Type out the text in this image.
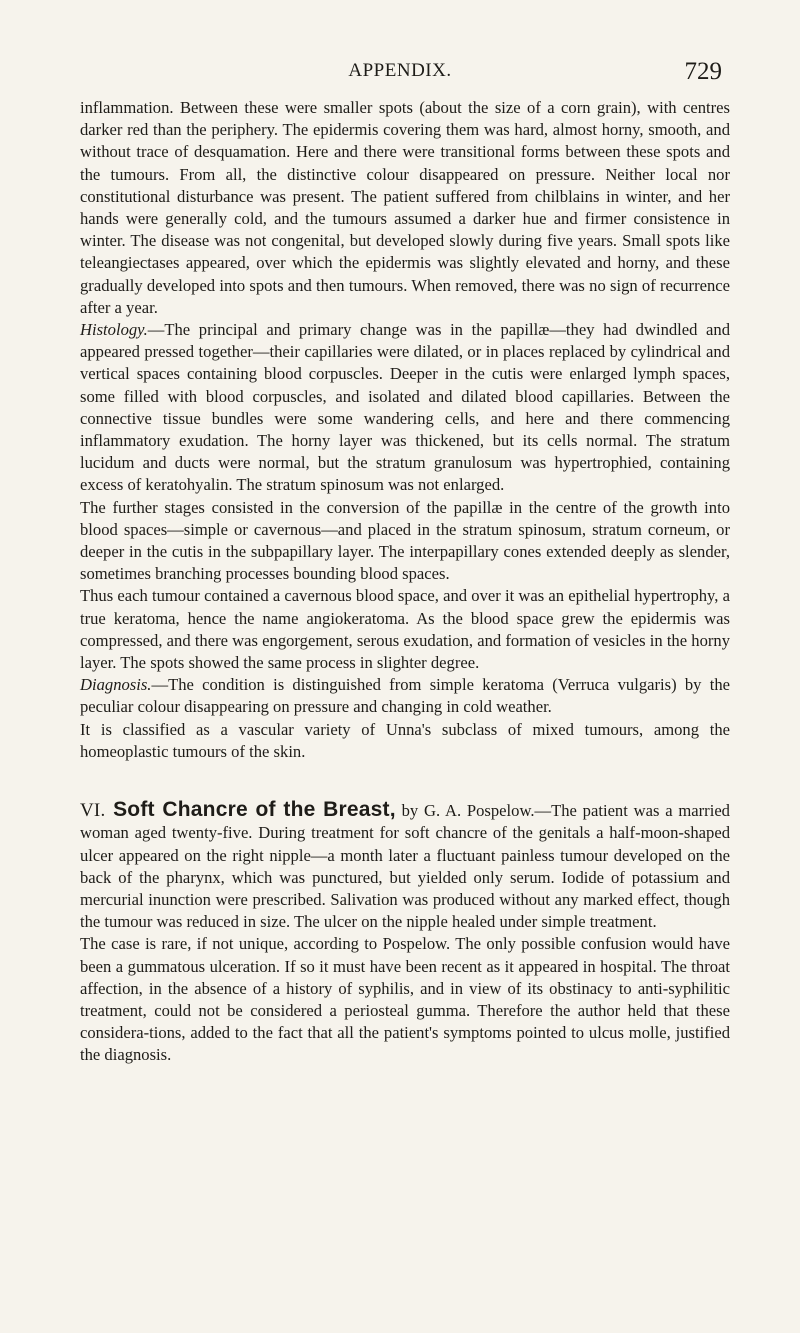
APPENDIX.	729

inflammation. Between these were smaller spots (about the size of a corn grain), with centres darker red than the periphery. The epidermis covering them was hard, almost horny, smooth, and without trace of desquamation. Here and there were transitional forms between these spots and the tumours. From all, the distinctive colour disappeared on pressure. Neither local nor constitutional disturbance was present. The patient suffered from chilblains in winter, and her hands were generally cold, and the tumours assumed a darker hue and firmer consistence in winter. The disease was not congenital, but developed slowly during five years. Small spots like teleangiectases appeared, over which the epidermis was slightly elevated and horny, and these gradually developed into spots and then tumours. When removed, there was no sign of recurrence after a year.

Histology.—The principal and primary change was in the papillæ—they had dwindled and appeared pressed together—their capillaries were dilated, or in places replaced by cylindrical and vertical spaces containing blood corpuscles. Deeper in the cutis were enlarged lymph spaces, some filled with blood corpuscles, and isolated and dilated blood capillaries. Between the connective tissue bundles were some wandering cells, and here and there commencing inflammatory exudation. The horny layer was thickened, but its cells normal. The stratum lucidum and ducts were normal, but the stratum granulosum was hypertrophied, containing excess of keratohyalin. The stratum spinosum was not enlarged.

The further stages consisted in the conversion of the papillæ in the centre of the growth into blood spaces—simple or cavernous—and placed in the stratum spinosum, stratum corneum, or deeper in the cutis in the subpapillary layer. The interpapillary cones extended deeply as slender, sometimes branching processes bounding blood spaces.

Thus each tumour contained a cavernous blood space, and over it was an epithelial hypertrophy, a true keratoma, hence the name angiokeratoma. As the blood space grew the epidermis was compressed, and there was engorgement, serous exudation, and formation of vesicles in the horny layer. The spots showed the same process in slighter degree.

Diagnosis.—The condition is distinguished from simple keratoma (Verruca vulgaris) by the peculiar colour disappearing on pressure and changing in cold weather.

It is classified as a vascular variety of Unna's subclass of mixed tumours, among the homeoplastic tumours of the skin.

VI. Soft Chancre of the Breast, by G. A. Pospelow.—The patient was a married woman aged twenty-five. During treatment for soft chancre of the genitals a half-moon-shaped ulcer appeared on the right nipple—a month later a fluctuant painless tumour developed on the back of the pharynx, which was punctured, but yielded only serum. Iodide of potassium and mercurial inunction were prescribed. Salivation was produced without any marked effect, though the tumour was reduced in size. The ulcer on the nipple healed under simple treatment.

The case is rare, if not unique, according to Pospelow. The only possible confusion would have been a gummatous ulceration. If so it must have been recent as it appeared in hospital. The throat affection, in the absence of a history of syphilis, and in view of its obstinacy to anti-syphilitic treatment, could not be considered a periosteal gumma. Therefore the author held that these considera-tions, added to the fact that all the patient's symptoms pointed to ulcus molle, justified the diagnosis.
